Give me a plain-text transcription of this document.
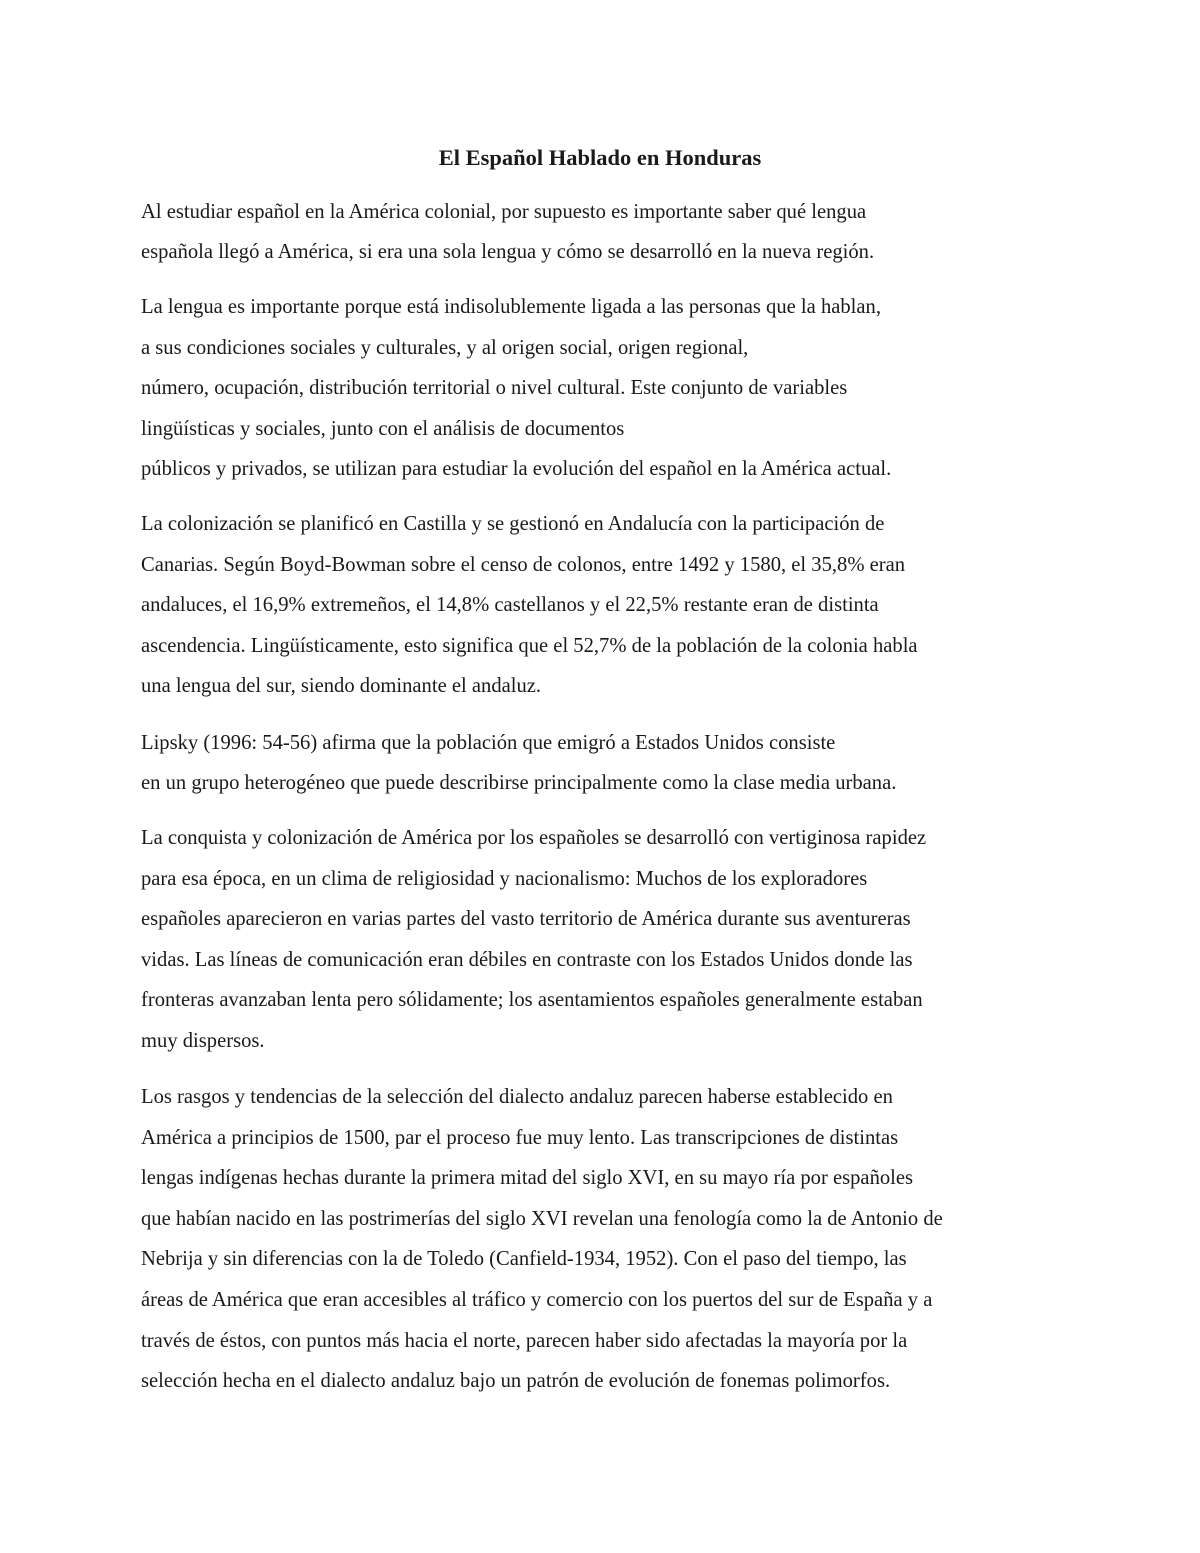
El Español Hablado en Honduras

Al estudiar español en la América colonial, por supuesto es importante saber qué lengua
española llegó a América, si era una sola lengua y cómo se desarrolló en la nueva región.

La lengua es importante porque está indisolublemente ligada a las personas que la hablan,
a sus condiciones sociales y culturales, y al origen social, origen regional,
número, ocupación, distribución territorial o nivel cultural. Este conjunto de variables
lingüísticas y sociales, junto con el análisis de documentos
públicos y privados, se utilizan para estudiar la evolución del español en la América actual.

La colonización se planificó en Castilla y se gestionó en Andalucía con la participación de
Canarias. Según Boyd-Bowman sobre el censo de colonos, entre 1492 y 1580, el 35,8% eran
andaluces, el 16,9% extremeños, el 14,8% castellanos y el 22,5% restante eran de distinta
ascendencia. Lingüísticamente, esto significa que el 52,7% de la población de la colonia habla
una lengua del sur, siendo dominante el andaluz.

Lipsky (1996: 54-56) afirma que la población que emigró a Estados Unidos consiste
en un grupo heterogéneo que puede describirse principalmente como la clase media urbana.

La conquista y colonización de América por los españoles se desarrolló con vertiginosa rapidez
para esa época, en un clima de religiosidad y nacionalismo: Muchos de los exploradores
españoles aparecieron en varias partes del vasto territorio de América durante sus aventureras
vidas. Las líneas de comunicación eran débiles en contraste con los Estados Unidos donde las
fronteras avanzaban lenta pero sólidamente; los asentamientos españoles generalmente estaban
muy dispersos.

Los rasgos y tendencias de la selección del dialecto andaluz parecen haberse establecido en
América a principios de 1500, par el proceso fue muy lento. Las transcripciones de distintas
lengas indígenas hechas durante la primera mitad del siglo XVI, en su mayo ría por españoles
que habían nacido en las postrimerías del siglo XVI revelan una fenología como la de Antonio de
Nebrija y sin diferencias con la de Toledo (Canfield-1934, 1952). Con el paso del tiempo, las
áreas de América que eran accesibles al tráfico y comercio con los puertos del sur de España y a
través de éstos, con puntos más hacia el norte, parecen haber sido afectadas la mayoría por la
selección hecha en el dialecto andaluz bajo un patrón de evolución de fonemas polimorfos.
